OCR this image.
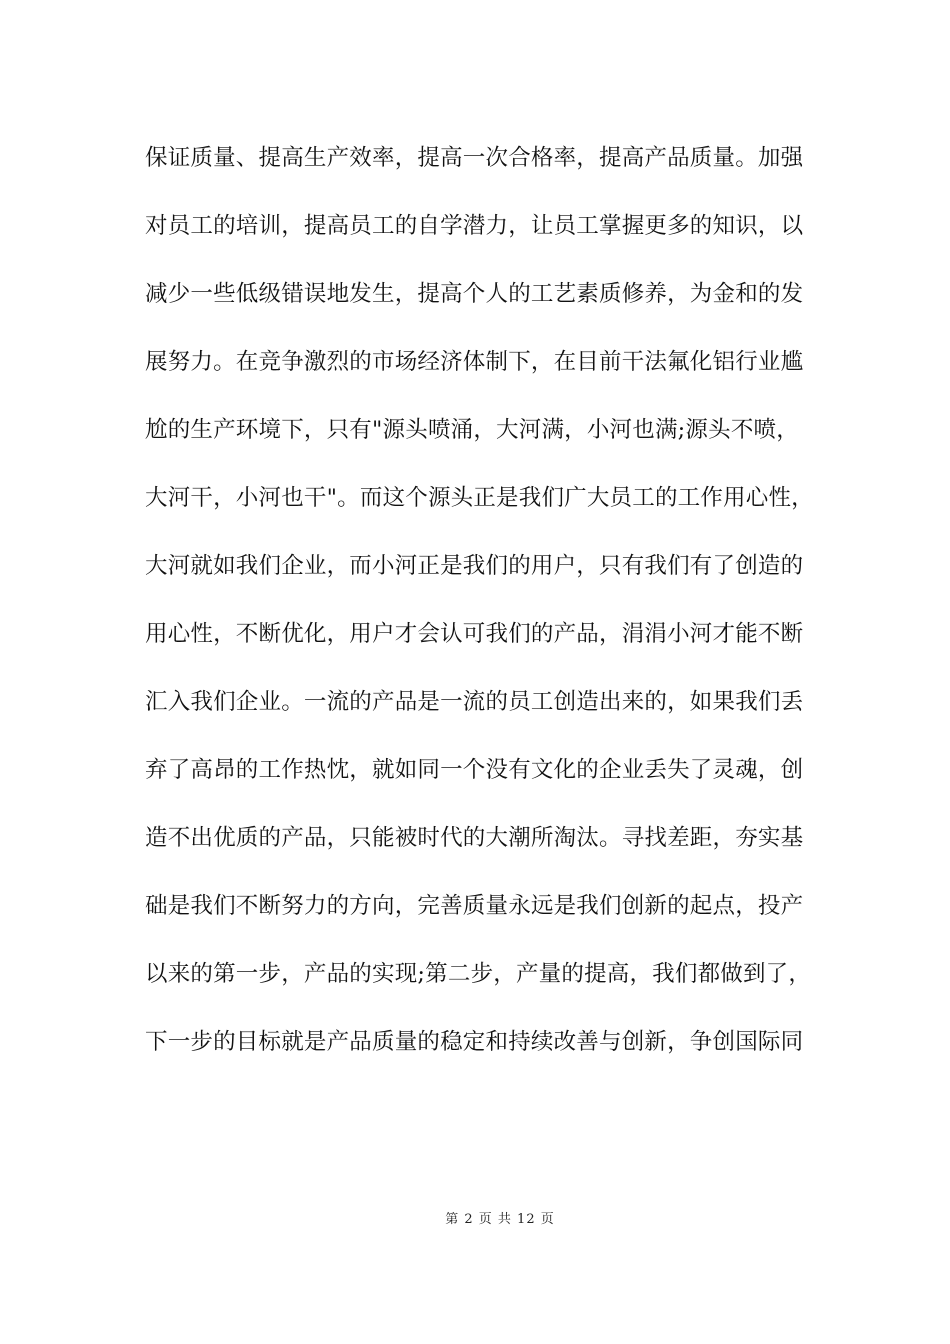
保证质量、提高生产效率，提高一次合格率，提高产品质量。加强
对员工的培训，提高员工的自学潜力，让员工掌握更多的知识，以
减少一些低级错误地发生，提高个人的工艺素质修养，为金和的发
展努力。在竞争激烈的市场经济体制下，在目前干法氟化铝行业尴
尬的生产环境下，只有"源头喷涌，大河满，小河也满;源头不喷，
大河干，小河也干"。而这个源头正是我们广大员工的工作用心性，
大河就如我们企业，而小河正是我们的用户，只有我们有了创造的
用心性，不断优化，用户才会认可我们的产品，涓涓小河才能不断
汇入我们企业。一流的产品是一流的员工创造出来的，如果我们丢
弃了高昂的工作热忱，就如同一个没有文化的企业丢失了灵魂，创
造不出优质的产品，只能被时代的大潮所淘汰。寻找差距，夯实基
础是我们不断努力的方向，完善质量永远是我们创新的起点，投产
以来的第一步，产品的实现;第二步，产量的提高，我们都做到了，
下一步的目标就是产品质量的稳定和持续改善与创新，争创国际同
第 2 页 共 12 页
